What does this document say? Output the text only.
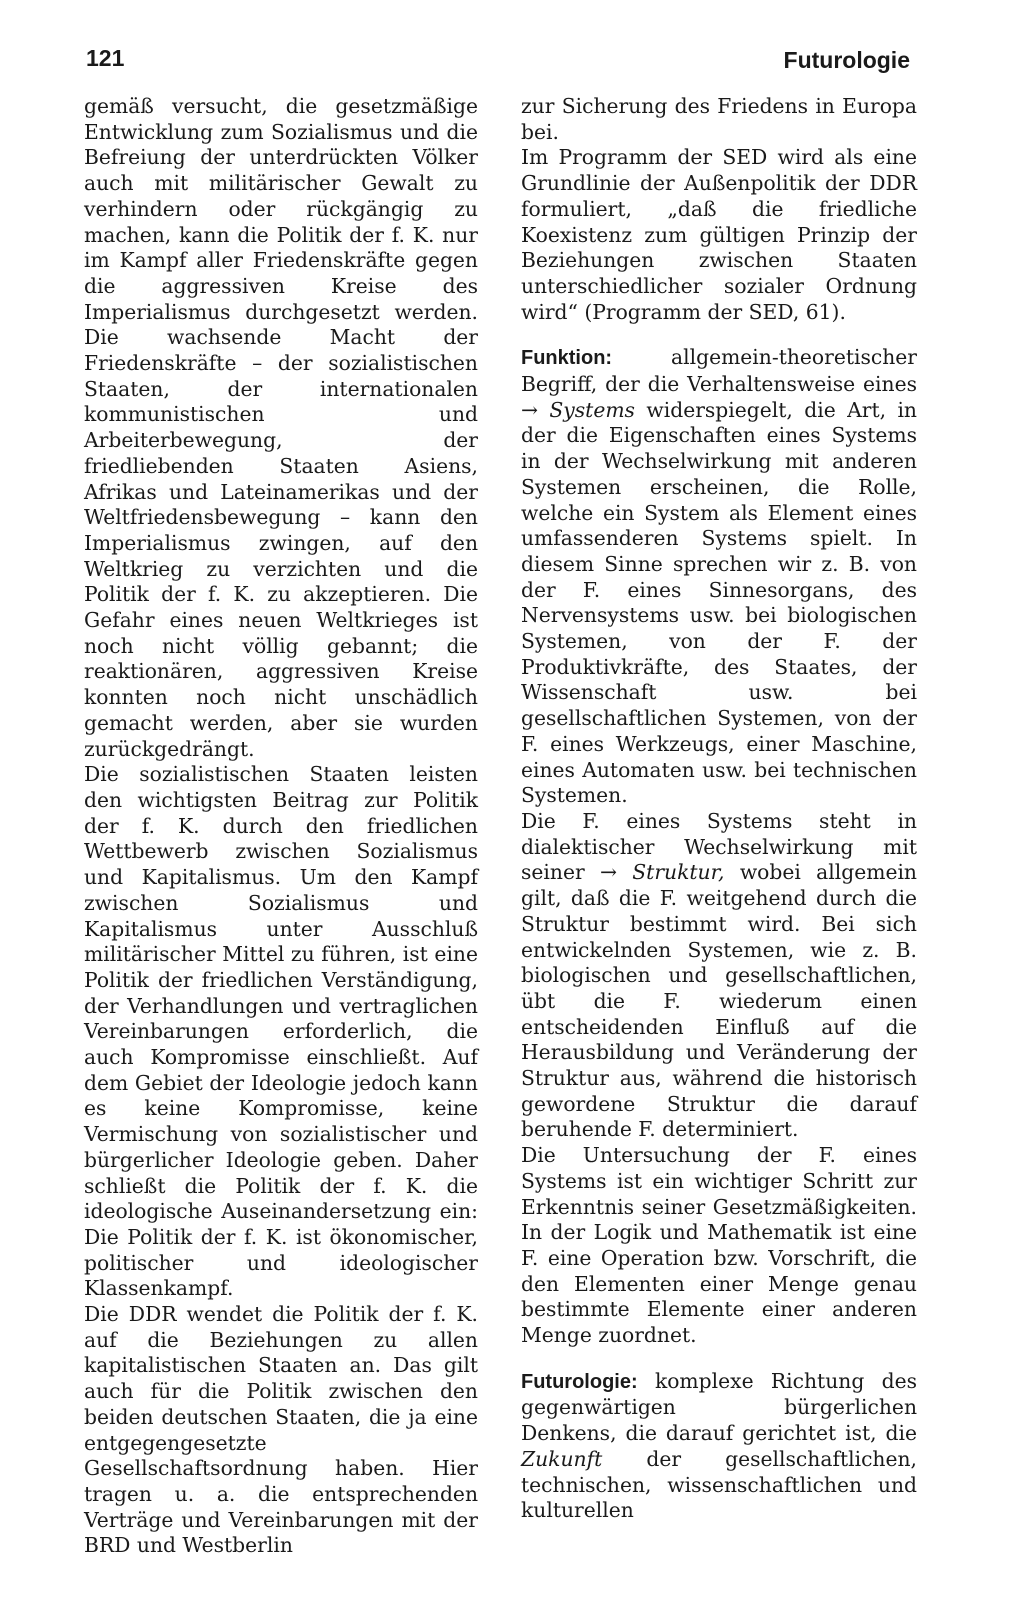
121	Futurologie

gemäß versucht, die gesetzmäßige Entwicklung zum Sozialismus und die Befreiung der unterdrückten Völker auch mit militärischer Gewalt zu verhindern oder rückgängig zu machen, kann die Politik der f. K. nur im Kampf aller Friedenskräfte gegen die aggressiven Kreise des Imperialismus durchgesetzt werden. Die wachsende Macht der Friedenskräfte – der sozialistischen Staaten, der internationalen kommunistischen und Arbeiterbewegung, der friedliebenden Staaten Asiens, Afrikas und Lateinamerikas und der Weltfriedensbewegung – kann den Imperialismus zwingen, auf den Weltkrieg zu verzichten und die Politik der f. K. zu akzeptieren. Die Gefahr eines neuen Weltkrieges ist noch nicht völlig gebannt; die reaktionären, aggressiven Kreise konnten noch nicht unschädlich gemacht werden, aber sie wurden zurückgedrängt.

Die sozialistischen Staaten leisten den wichtigsten Beitrag zur Politik der f. K. durch den friedlichen Wettbewerb zwischen Sozialismus und Kapitalismus. Um den Kampf zwischen Sozialismus und Kapitalismus unter Ausschluß militärischer Mittel zu führen, ist eine Politik der friedlichen Verständigung, der Verhandlungen und vertraglichen Vereinbarungen erforderlich, die auch Kompromisse einschließt. Auf dem Gebiet der Ideologie jedoch kann es keine Kompromisse, keine Vermischung von sozialistischer und bürgerlicher Ideologie geben. Daher schließt die Politik der f. K. die ideologische Auseinandersetzung ein: Die Politik der f. K. ist ökonomischer, politischer und ideologischer Klassenkampf.

Die DDR wendet die Politik der f. K. auf die Beziehungen zu allen kapitalistischen Staaten an. Das gilt auch für die Politik zwischen den beiden deutschen Staaten, die ja eine entgegengesetzte Gesellschaftsordnung haben. Hier tragen u. a. die entsprechenden Verträge und Vereinbarungen mit der BRD und Westberlin

zur Sicherung des Friedens in Europa bei.

Im Programm der SED wird als eine Grundlinie der Außenpolitik der DDR formuliert, „daß die friedliche Koexistenz zum gültigen Prinzip der Beziehungen zwischen Staaten unterschiedlicher sozialer Ordnung wird“ (Programm der SED, 61).

Funktion:	allgemein-theoretischer Begriff, der die Verhaltensweise eines → Systems widerspiegelt, die Art, in der die Eigenschaften eines Systems in der Wechselwirkung mit anderen Systemen erscheinen, die Rolle, welche ein System als Element eines umfassenderen Systems spielt. In diesem Sinne sprechen wir z. B. von der F. eines Sinnesorgans, des Nervensystems usw. bei biologischen Systemen, von der F. der Produktivkräfte, des Staates, der Wissenschaft usw. bei gesellschaftlichen Systemen, von der F. eines Werkzeugs, einer Maschine, eines Automaten usw. bei technischen Systemen.

Die F. eines Systems steht in dialektischer Wechselwirkung mit seiner → Struktur, wobei allgemein gilt, daß die F. weitgehend durch die Struktur bestimmt wird. Bei sich entwickelnden Systemen, wie z. B. biologischen und gesellschaftlichen, übt die F. wiederum einen entscheidenden Einfluß auf die Herausbildung und Veränderung der Struktur aus, während die historisch gewordene Struktur die darauf beruhende F. determiniert.

Die Untersuchung der F. eines Systems ist ein wichtiger Schritt zur Erkenntnis seiner Gesetzmäßigkeiten. In der Logik und Mathematik ist eine F. eine Operation bzw. Vorschrift, die den Elementen einer Menge genau bestimmte Elemente einer anderen Menge zuordnet.

Futurologie: komplexe Richtung des gegenwärtigen bürgerlichen Denkens, die darauf gerichtet ist, die Zukunft der gesellschaftlichen, technischen, wissenschaftlichen und kulturellen
